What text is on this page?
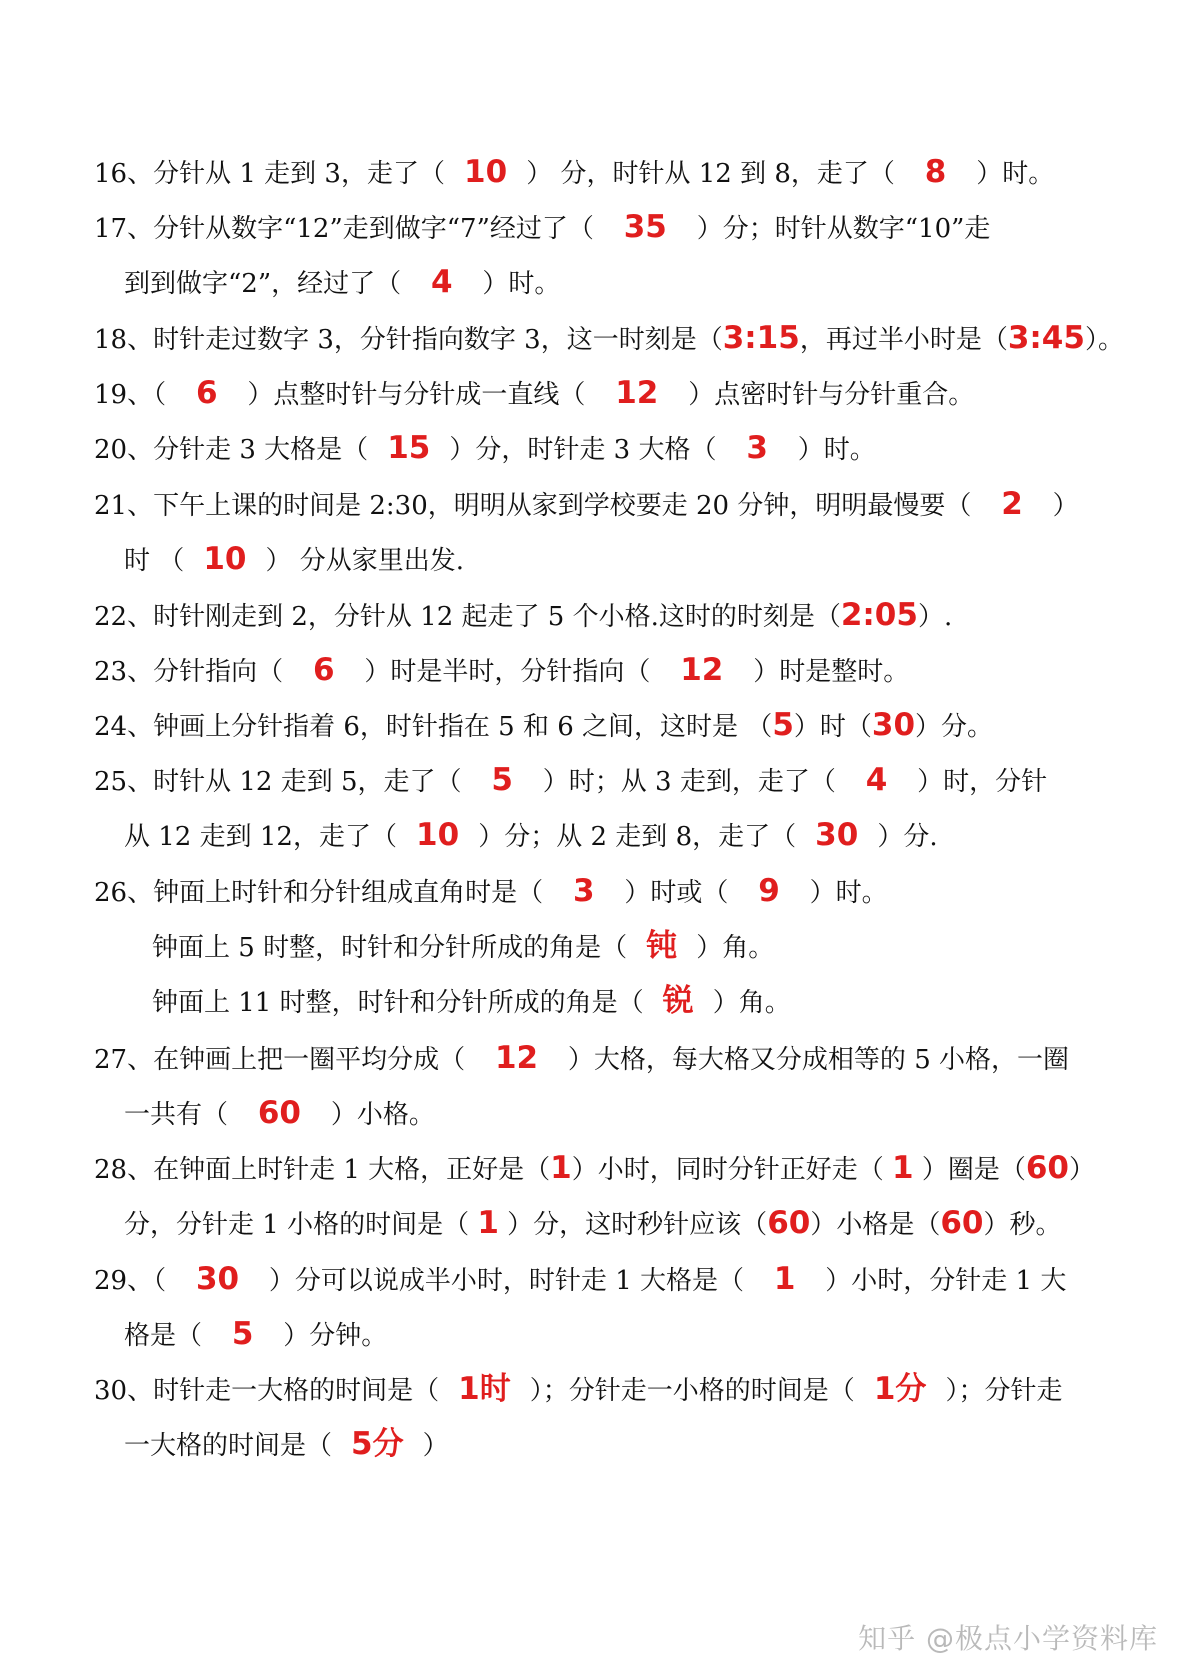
16、分针从 1 走到 3，走了（  10  ） 分，时针从 12 到 8，走了（   8   ）时。
17、分针从数字“12”走到做字“7”经过了（   35   ）分；时针从数字“10”走
到到做字“2”，经过了（   4   ）时。
18、时针走过数字 3，分针指向数字 3，这一时刻是（3:15，再过半小时是（3:45）。
19、（   6   ）点整时针与分针成一直线（   12   ）点密时针与分针重合。
20、分针走 3 大格是（  15  ）分，时针走 3 大格（   3   ）时。
21、下午上课的时间是 2:30，明明从家到学校要走 20 分钟，明明最慢要（   2   ）
时 （  10  ） 分从家里出发.
22、时针刚走到 2，分针从 12 起走了 5 个小格.这时的时刻是（2:05）.
23、分针指向（   6   ）时是半时，分针指向（   12   ）时是整时。
24、钟画上分针指着 6，时针指在 5 和 6 之间，这时是 （5）时（30）分。
25、时针从 12 走到 5，走了（   5   ）时；从 3 走到，走了（   4   ）时，分针
从 12 走到 12，走了（  10  ）分；从 2 走到 8，走了（  30  ）分.
26、钟面上时针和分针组成直角时是（   3   ）时或（   9   ）时。
钟面上 5 时整，时针和分针所成的角是（  钝  ）角。
钟面上 11 时整，时针和分针所成的角是（  锐  ）角。
27、在钟画上把一圈平均分成（   12   ）大格，每大格又分成相等的 5 小格，一圈
一共有（   60   ）小格。
28、在钟面上时针走 1 大格，正好是（1）小时，同时分针正好走（ 1 ）圈是（60）
分，分针走 1 小格的时间是（ 1 ）分，这时秒针应该（60）小格是（60）秒。
29、（   30   ）分可以说成半小时，时针走 1 大格是（   1   ）小时，分针走 1 大
格是（   5   ）分钟。
30、时针走一大格的时间是（  1时  ）；分针走一小格的时间是（  1分  ）；分针走
一大格的时间是（  5分  ）
知乎 @极点小学资料库
